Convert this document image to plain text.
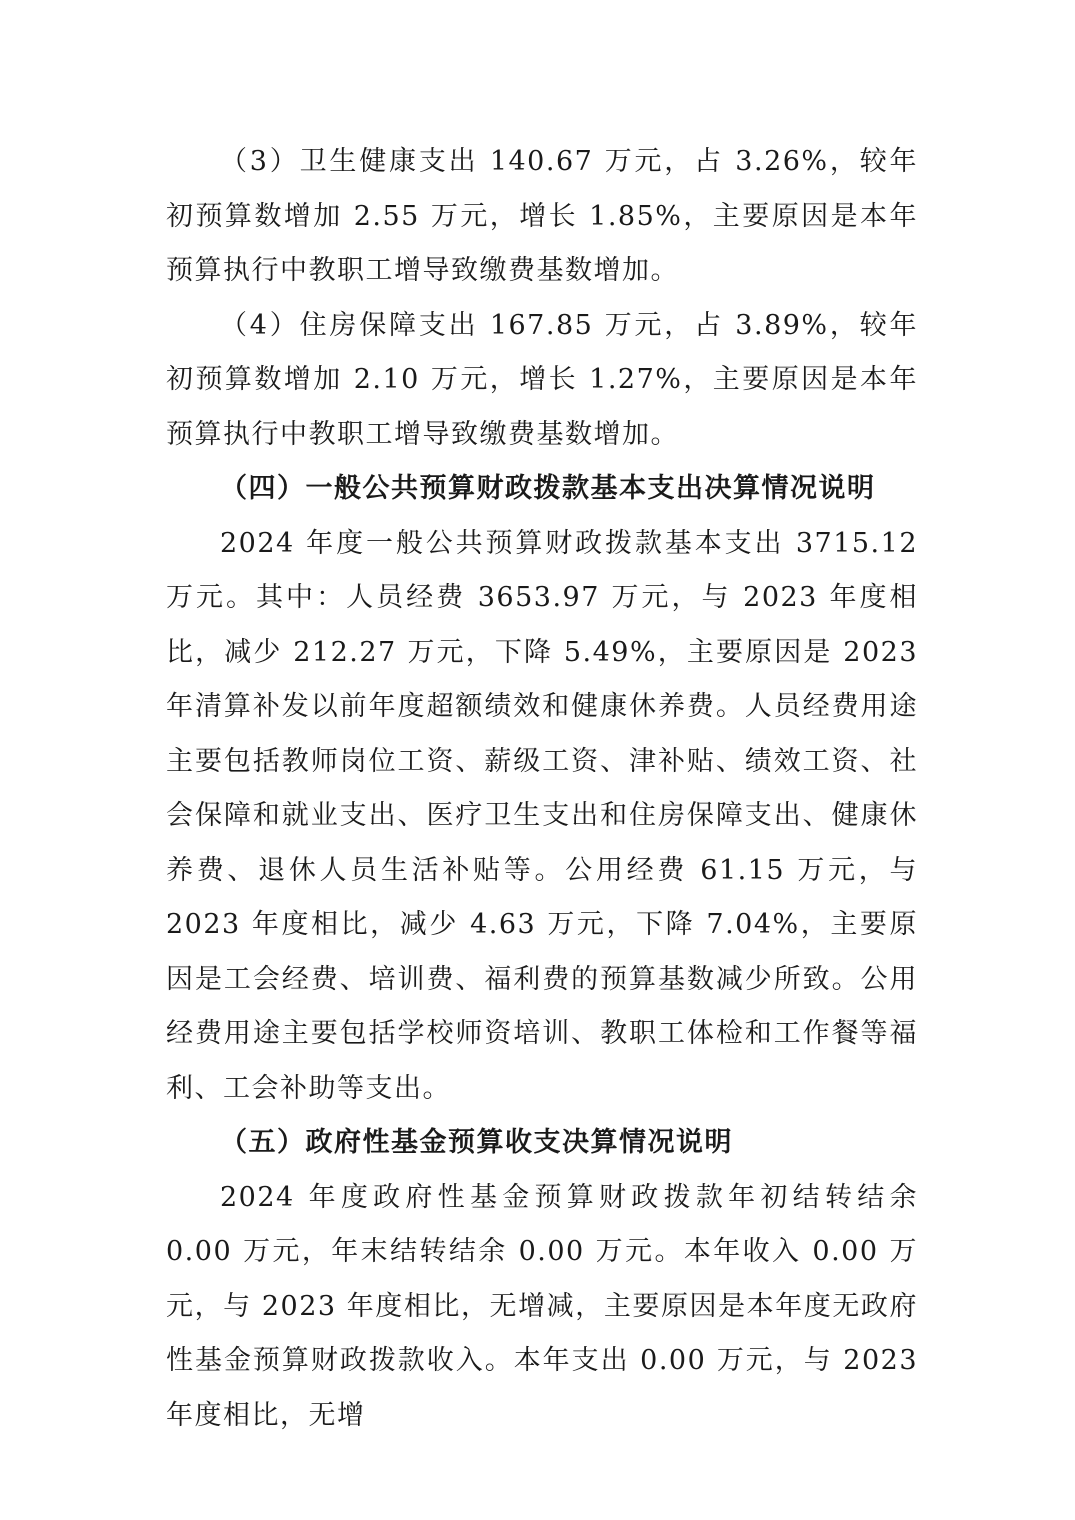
（3）卫生健康支出 140.67 万元，占 3.26%，较年初预算数增加 2.55 万元，增长 1.85%，主要原因是本年预算执行中教职工增导致缴费基数增加。

（4）住房保障支出 167.85 万元，占 3.89%，较年初预算数增加 2.10 万元，增长 1.27%，主要原因是本年预算执行中教职工增导致缴费基数增加。

（四）一般公共预算财政拨款基本支出决算情况说明

2024 年度一般公共预算财政拨款基本支出 3715.12 万元。其中：人员经费 3653.97 万元，与 2023 年度相比，减少 212.27 万元，下降 5.49%，主要原因是 2023 年清算补发以前年度超额绩效和健康休养费。人员经费用途主要包括教师岗位工资、薪级工资、津补贴、绩效工资、社会保障和就业支出、医疗卫生支出和住房保障支出、健康休养费、退休人员生活补贴等。公用经费 61.15 万元，与 2023 年度相比，减少 4.63 万元，下降 7.04%，主要原因是工会经费、培训费、福利费的预算基数减少所致。公用经费用途主要包括学校师资培训、教职工体检和工作餐等福利、工会补助等支出。

（五）政府性基金预算收支决算情况说明

2024 年度政府性基金预算财政拨款年初结转结余 0.00 万元，年末结转结余 0.00 万元。本年收入 0.00 万元，与 2023 年度相比，无增减，主要原因是本年度无政府性基金预算财政拨款收入。本年支出 0.00 万元，与 2023 年度相比，无增
